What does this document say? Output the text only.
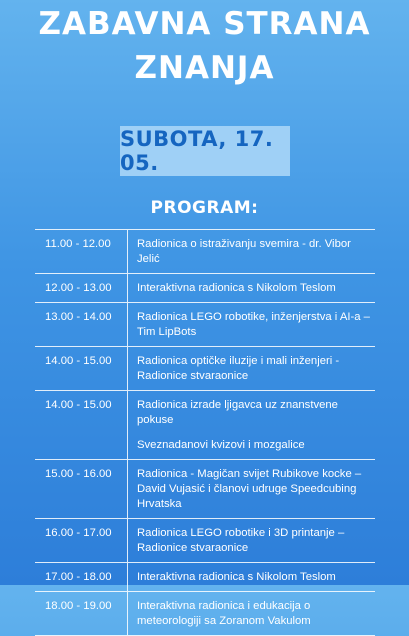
ZABAVNA STRANA
ZNANJA
SUBOTA, 17. 05.
PROGRAM:
11.00 - 12.00	Radionica o istraživanju svemira - dr. Vibor Jelić

12.00 - 13.00	Interaktivna radionica s Nikolom Teslom

13.00 - 14.00	Radionica LEGO robotike, inženjerstva i AI-a – Tim LipBots

14.00 - 15.00	Radionica optičke iluzije i mali inženjeri - Radionice stvaraonice

14.00 - 15.00	Radionica izrade ljigavca uz znanstvene pokuse

Sveznadanovi kvizovi i mozgalice

15.00 - 16.00	Radionica - Magičan svijet Rubikove kocke – David Vujasić i članovi udruge Speedcubing Hrvatska

16.00 - 17.00	Radionica LEGO robotike i 3D printanje – Radionice stvaraonice

17.00 - 18.00	Interaktivna radionica s Nikolom Teslom

18.00 - 19.00	Interaktivna radionica i edukacija o meteorologiji sa Zoranom Vakulom
